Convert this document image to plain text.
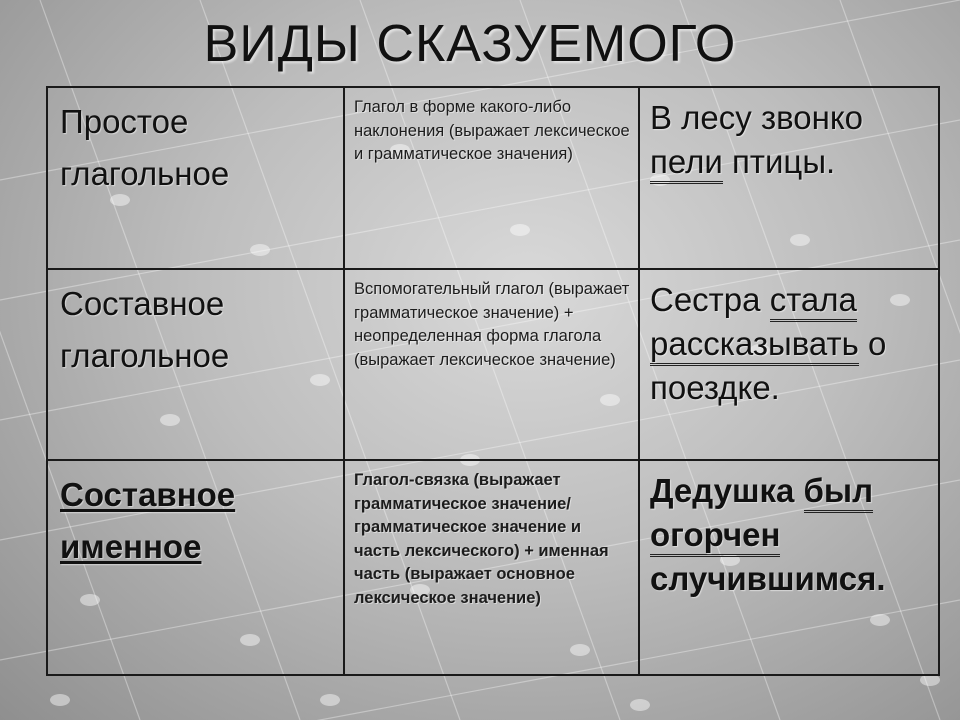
ВИДЫ СКАЗУЕМОГО
Простое
глагольное	Глагол в форме какого-либо наклонения (выражает лексическое и грамматическое значения)	В лесу звонко пели птицы.

Составное
глагольное	Вспомогательный глагол (выражает грамматическое значение) + неопределенная форма глагола (выражает лексическое значение)	Сестра стала рассказывать о поездке.

Составное
именное	Глагол-связка (выражает грамматическое значение/грамматическое значение и часть лексического) + именная часть (выражает основное лексическое значение)	Дедушка был огорчен случившимся.
